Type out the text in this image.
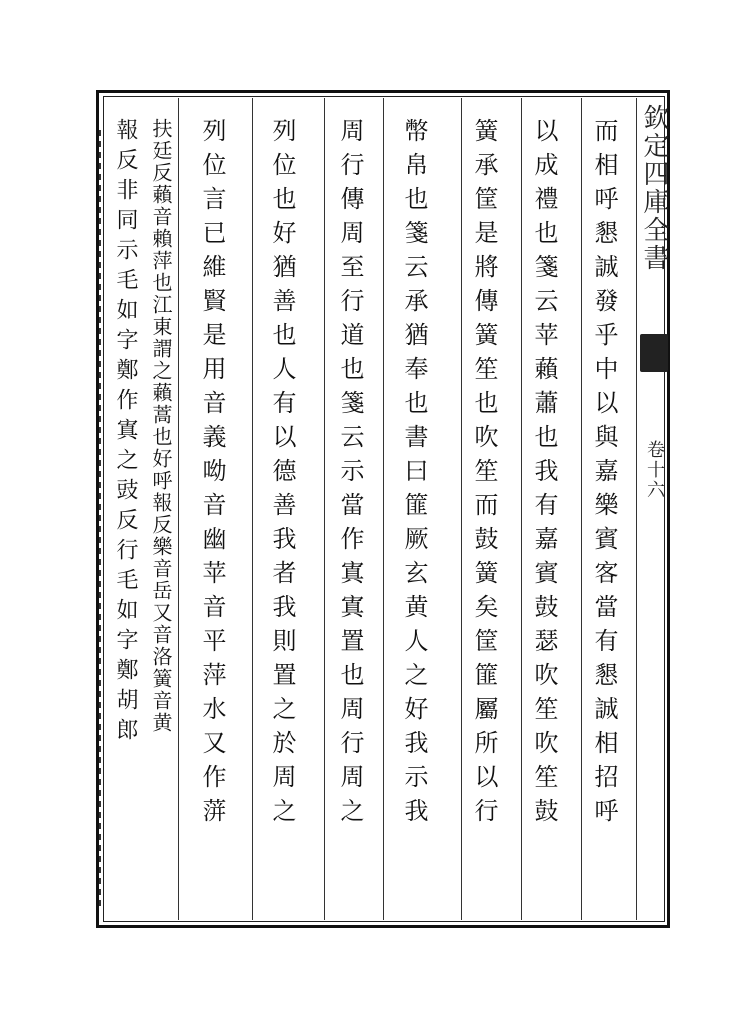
欽定四庫全書
卷十六
而相呼懇誠發乎中以與嘉樂賓客當有懇誠相招呼
以成禮也箋云苹藾蕭也我有嘉賓鼓瑟吹笙吹笙鼓
簧承筐是將傳簧笙也吹笙而鼓簧矣筐篚屬所以行
幣帛也箋云承猶奉也書曰篚厥玄黄人之好我示我
周行傳周至行道也箋云示當作寘寘置也周行周之
列位也好猶善也人有以德善我者我則置之於周之
列位言已維賢是用音義呦音幽苹音平萍水又作蓱
扶廷反藾音賴萍也江東謂之藾蒿也好呼報反樂音岳又音洛簧音黄
報反非同示毛如字鄭作寘之豉反行毛如字鄭胡郎
